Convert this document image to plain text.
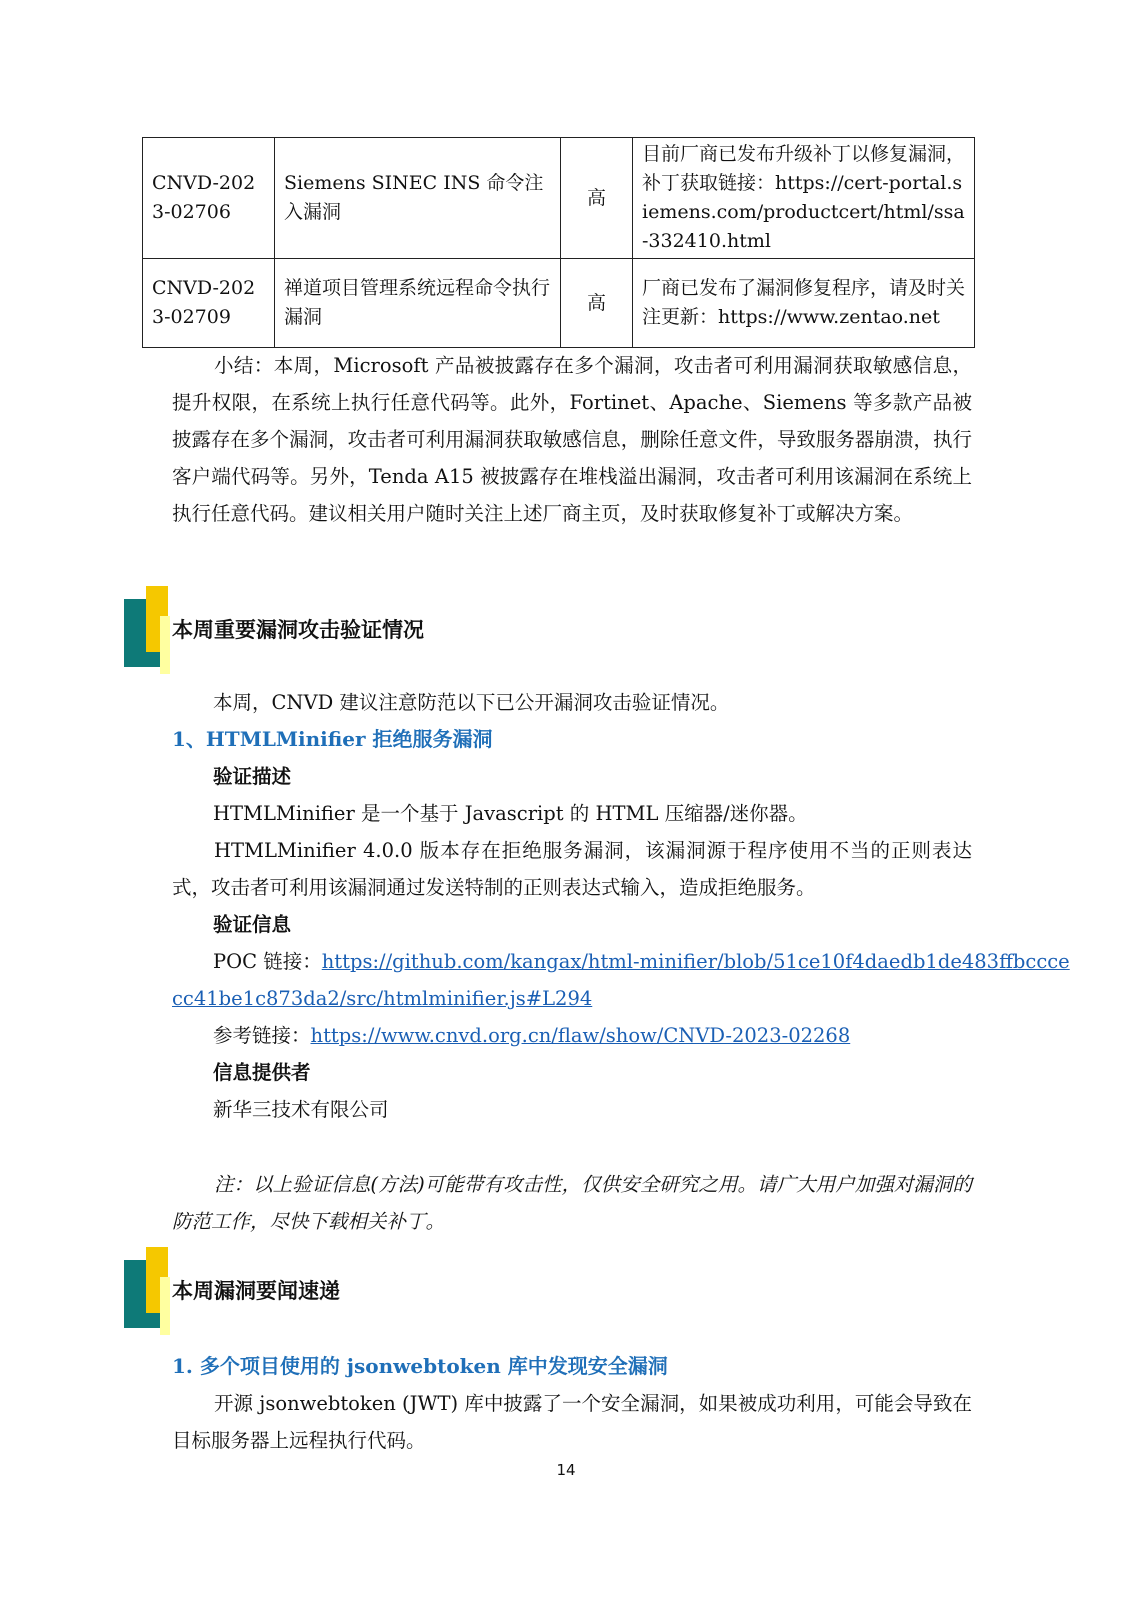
CNVD-2023-02706	Siemens SINEC INS 命令注入漏洞	高	目前厂商已发布升级补丁以修复漏洞，补丁获取链接：https://cert-portal.siemens.com/productcert/html/ssa-332410.html
CNVD-2023-02709	禅道项目管理系统远程命令执行漏洞	高	厂商已发布了漏洞修复程序，请及时关注更新：https://www.zentao.net

小结：本周，Microsoft 产品被披露存在多个漏洞，攻击者可利用漏洞获取敏感信息，提升权限，在系统上执行任意代码等。此外，Fortinet、Apache、Siemens 等多款产品被披露存在多个漏洞，攻击者可利用漏洞获取敏感信息，删除任意文件，导致服务器崩溃，执行客户端代码等。另外，Tenda A15 被披露存在堆栈溢出漏洞，攻击者可利用该漏洞在系统上执行任意代码。建议相关用户随时关注上述厂商主页，及时获取修复补丁或解决方案。

本周重要漏洞攻击验证情况

本周，CNVD 建议注意防范以下已公开漏洞攻击验证情况。

1、HTMLMinifier 拒绝服务漏洞
验证描述

HTMLMinifier 是一个基于 Javascript 的 HTML 压缩器/迷你器。

HTMLMinifier 4.0.0 版本存在拒绝服务漏洞，该漏洞源于程序使用不当的正则表达式，攻击者可利用该漏洞通过发送特制的正则表达式输入，造成拒绝服务。

验证信息

POC 链接：https://github.com/kangax/html-minifier/blob/51ce10f4daedb1de483ffbccce

cc41be1c873da2/src/htmlminifier.js#L294

参考链接：https://www.cnvd.org.cn/flaw/show/CNVD-2023-02268

信息提供者

新华三技术有限公司

注：以上验证信息(方法)可能带有攻击性，仅供安全研究之用。请广大用户加强对漏洞的防范工作，尽快下载相关补丁。

本周漏洞要闻速递
1. 多个项目使用的 jsonwebtoken 库中发现安全漏洞

开源 jsonwebtoken (JWT) 库中披露了一个安全漏洞，如果被成功利用，可能会导致在目标服务器上远程执行代码。

14
